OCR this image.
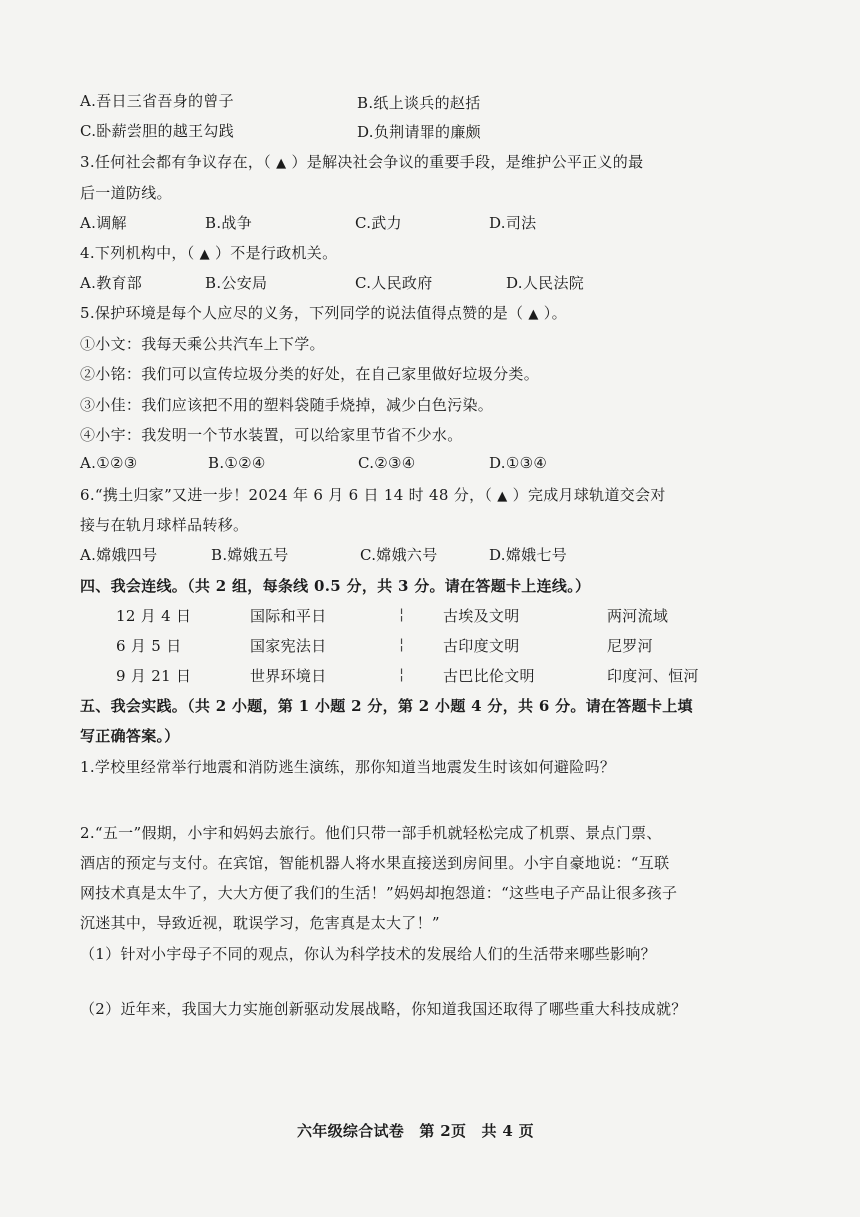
A.吾日三省吾身的曾子	B.纸上谈兵的赵括
C.卧薪尝胆的越王勾践	D.负荆请罪的廉颇
3.任何社会都有争议存在，（ ▲ ）是解决社会争议的重要手段，是维护公平正义的最
后一道防线。
A.调解	B.战争	C.武力	D.司法
4.下列机构中，（ ▲ ）不是行政机关。
A.教育部	B.公安局	C.人民政府	D.人民法院
5.保护环境是每个人应尽的义务，下列同学的说法值得点赞的是（ ▲ ）。
①小文：我每天乘公共汽车上下学。
②小铭：我们可以宣传垃圾分类的好处，在自己家里做好垃圾分类。
③小佳：我们应该把不用的塑料袋随手烧掉，减少白色污染。
④小宇：我发明一个节水装置，可以给家里节省不少水。
A.①②③	B.①②④	C.②③④	D.①③④
6.“携土归家”又进一步！2024 年 6 月 6 日 14 时 48 分，（ ▲ ）完成月球轨道交会对
接与在轨月球样品转移。
A.嫦娥四号	B.嫦娥五号	C.嫦娥六号	D.嫦娥七号
四、我会连线。（共 2 组，每条线 0.5 分，共 3 分。请在答题卡上连线。）
12 月 4 日	国际和平日	¦	古埃及文明	两河流域
6 月 5 日	国家宪法日	¦	古印度文明	尼罗河
9 月 21 日	世界环境日	¦	古巴比伦文明	印度河、恒河
五、我会实践。（共 2 小题，第 1 小题 2 分，第 2 小题 4 分，共 6 分。请在答题卡上填
写正确答案。）
1.学校里经常举行地震和消防逃生演练，那你知道当地震发生时该如何避险吗？
2.“五一”假期，小宇和妈妈去旅行。他们只带一部手机就轻松完成了机票、景点门票、
酒店的预定与支付。在宾馆，智能机器人将水果直接送到房间里。小宇自豪地说：“互联
网技术真是太牛了，大大方便了我们的生活！”妈妈却抱怨道：“这些电子产品让很多孩子
沉迷其中，导致近视，耽误学习，危害真是太大了！”
（1）针对小宇母子不同的观点，你认为科学技术的发展给人们的生活带来哪些影响？
（2）近年来，我国大力实施创新驱动发展战略，你知道我国还取得了哪些重大科技成就？
六年级综合试卷　第 2页　共 4 页
